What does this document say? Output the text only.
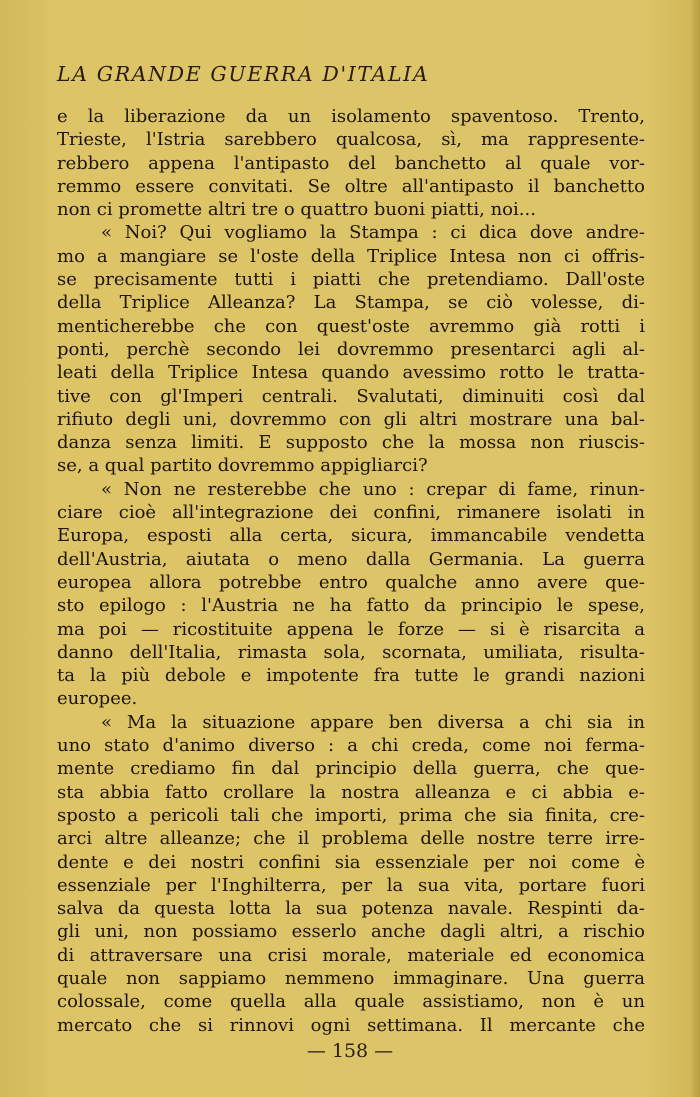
LA GRANDE GUERRA D'ITALIA
e la liberazione da un isolamento spaventoso. Trento,
Trieste, l'Istria sarebbero qualcosa, sì, ma rappresente-
rebbero appena l'antipasto del banchetto al quale vor-
remmo essere convitati. Se oltre all'antipasto il banchetto
non ci promette altri tre o quattro buoni piatti, noi...
« Noi? Qui vogliamo la Stampa : ci dica dove andre-
mo a mangiare se l'oste della Triplice Intesa non ci offris-
se precisamente tutti i piatti che pretendiamo. Dall'oste
della Triplice Alleanza? La Stampa, se ciò volesse, di-
menticherebbe che con quest'oste avremmo già rotti i
ponti, perchè secondo lei dovremmo presentarci agli al-
leati della Triplice Intesa quando avessimo rotto le tratta-
tive con gl'Imperi centrali. Svalutati, diminuiti così dal
rifiuto degli uni, dovremmo con gli altri mostrare una bal-
danza senza limiti. E supposto che la mossa non riuscis-
se, a qual partito dovremmo appigliarci?
« Non ne resterebbe che uno : crepar di fame, rinun-
ciare cioè all'integrazione dei confini, rimanere isolati in
Europa, esposti alla certa, sicura, immancabile vendetta
dell'Austria, aiutata o meno dalla Germania. La guerra
europea allora potrebbe entro qualche anno avere que-
sto epilogo : l'Austria ne ha fatto da principio le spese,
ma poi — ricostituite appena le forze — si è risarcita a
danno dell'Italia, rimasta sola, scornata, umiliata, risulta-
ta la più debole e impotente fra tutte le grandi nazioni
europee.
« Ma la situazione appare ben diversa a chi sia in
uno stato d'animo diverso : a chi creda, come noi ferma-
mente crediamo fin dal principio della guerra, che que-
sta abbia fatto crollare la nostra alleanza e ci abbia e-
sposto a pericoli tali che importi, prima che sia finita, cre-
arci altre alleanze; che il problema delle nostre terre irre-
dente e dei nostri confini sia essenziale per noi come è
essenziale per l'Inghilterra, per la sua vita, portare fuori
salva da questa lotta la sua potenza navale. Respinti da-
gli uni, non possiamo esserlo anche dagli altri, a rischio
di attraversare una crisi morale, materiale ed economica
quale non sappiamo nemmeno immaginare. Una guerra
colossale, come quella alla quale assistiamo, non è un
mercato che si rinnovi ogni settimana. Il mercante che
— 158 —
